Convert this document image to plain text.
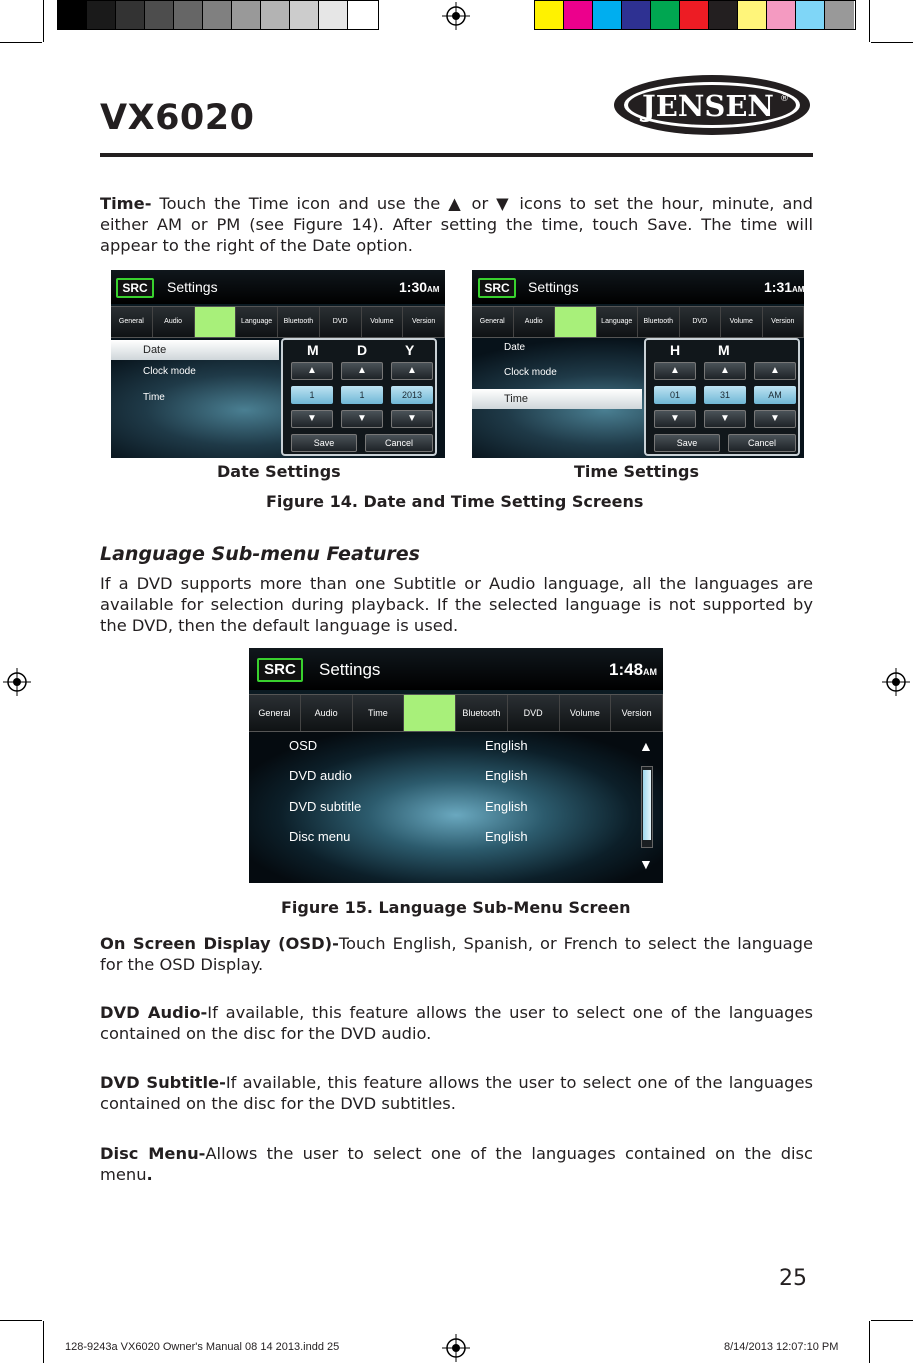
VX6020	JENSEN ®
Time- Touch the Time icon and use the ▲ or ▼ icons to set the hour, minute, and either AM or PM (see Figure 14). After setting the time, touch Save. The time will appear to the right of the Date option.
SRC	Settings	1:30AM
General	Audio	Time	Language	Bluetooth	DVD	Volume	Version
Date
Clock mode
Time
M	D	Y
▲	▲	▲
1	1	2013
▼	▼	▼
Save	Cancel
SRC	Settings	1:31AM
General	Audio	Time	Language	Bluetooth	DVD	Volume	Version
Date
Clock mode
Time
H	M
▲	▲	▲
01	31	AM
▼	▼	▼
Save	Cancel
Date Settings	Time Settings
Figure 14. Date and Time Setting Screens
Language Sub-menu Features
If a DVD supports more than one Subtitle or Audio language, all the languages are available for selection during playback. If the selected language is not supported by the DVD, then the default language is used.
SRC	Settings	1:48AM
General	Audio	Time	Language	Bluetooth	DVD	Volume	Version
OSD	English
DVD audio	English
DVD subtitle	English
Disc menu	English
▲
▼
Figure 15. Language Sub-Menu Screen
On Screen Display (OSD)-Touch English, Spanish, or French to select the language for the OSD Display.
DVD Audio-If available, this feature allows the user to select one of the languages contained on the disc for the DVD audio.
DVD Subtitle-If available, this feature allows the user to select one of the languages contained on the disc for the DVD subtitles.
Disc Menu-Allows the user to select one of the languages contained on the disc menu.
25
128-9243a VX6020 Owner's Manual 08 14 2013.indd 25	8/14/2013 12:07:10 PM
